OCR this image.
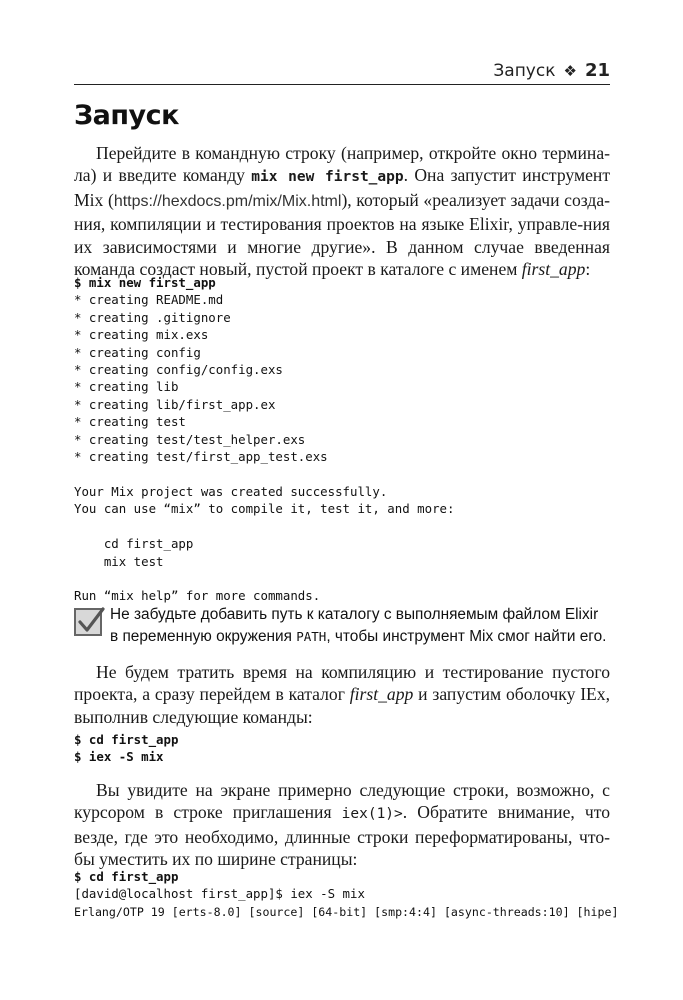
Запуск ❖ 21
Запуск

Перейдите в командную строку (например, откройте окно термина-ла) и введите команду mix new first_app. Она запустит инструмент Mix (https://hexdocs.pm/mix/Mix.html), который «реализует задачи созда-ния, компиляции и тестирования проектов на языке Elixir, управле-ния их зависимостями и многие другие». В данном случае введенная команда создаст новый, пустой проект в каталоге с именем first_app:

$ mix new first_app
* creating README.md
* creating .gitignore
* creating mix.exs
* creating config
* creating config/config.exs
* creating lib
* creating lib/first_app.ex
* creating test
* creating test/test_helper.exs
* creating test/first_app_test.exs

Your Mix project was created successfully.
You can use “mix” to compile it, test it, and more:

cd first_app
mix test

Run “mix help” for more commands.

Не забудьте добавить путь к каталогу с выполняемым файлом Elixir в переменную окружения PATH, чтобы инструмент Mix смог найти его.

Не будем тратить время на компиляцию и тестирование пустого проекта, а сразу перейдем в каталог first_app и запустим оболочку IEx, выполнив следующие команды:

$ cd first_app
$ iex -S mix

Вы увидите на экране примерно следующие строки, возможно, с курсором в строке приглашения iex(1)>. Обратите внимание, что везде, где это необходимо, длинные строки переформатированы, что-бы уместить их по ширине страницы:

$ cd first_app
[david@localhost first_app]$ iex -S mix
Erlang/OTP 19 [erts-8.0] [source] [64-bit] [smp:4:4] [async-threads:10] [hipe]
